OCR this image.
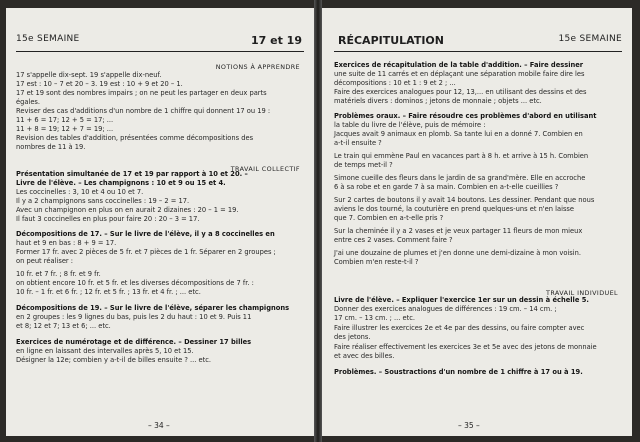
15e SEMAINE	17 et 19
NOTIONS À APPRENDRE
TRAVAIL COLLECTIF
17 s'appelle dix-sept. 19 s'appelle dix-neuf.
17 est : 10 – 7 et 20 – 3. 19 est : 10 + 9 et 20 – 1.
17 et 19 sont des nombres impairs ; on ne peut les partager en deux parts
égales.
Reviser des cas d'additions d'un nombre de 1 chiffre qui donnent 17 ou 19 :
11 + 6 = 17; 12 + 5 = 17; ...
11 + 8 = 19; 12 + 7 = 19; ...
Revision des tables d'addition, présentées comme décompositions des
nombres de 11 à 19.
Présentation simultanée de 17 et 19 par rapport à 10 et 20. –
Livre de l'élève. – Les champignons : 10 et 9 ou 15 et 4.
Les coccinelles : 3, 10 et 4 ou 10 et 7.
Il y a 2 champignons sans coccinelles : 19 – 2 = 17.
Avec un champignon en plus on en aurait 2 dizaines : 20 – 1 = 19.
Il faut 3 coccinelles en plus pour faire 20 : 20 – 3 = 17.
Décompositions de 17. – Sur le livre de l'élève, il y a 8 coccinelles en
haut et 9 en bas : 8 + 9 = 17.
Former 17 fr. avec 2 pièces de 5 fr. et 7 pièces de 1 fr. Séparer en 2 groupes ;
on peut réaliser :
10 fr. et 7 fr. ; 8 fr. et 9 fr.
on obtient encore 10 fr. et 5 fr. et les diverses décompositions de 7 fr. :
10 fr. – 1 fr. et 6 fr. ; 12 fr. et 5 fr. ; 13 fr. et 4 fr. ; ... etc.
Décompositions de 19. – Sur le livre de l'élève, séparer les champignons
en 2 groupes : les 9 lignes du bas, puis les 2 du haut : 10 et 9. Puis 11
et 8; 12 et 7; 13 et 6; ... etc.
Exercices de numérotage et de différence. – Dessiner 17 billes
en ligne en laissant des intervalles après 5, 10 et 15.
Désigner la 12e; combien y a-t-il de billes ensuite ? ... etc.
– 34 –
RÉCAPITULATION	15e SEMAINE
TRAVAIL INDIVIDUEL
Exercices de récapitulation de la table d'addition. – Faire dessiner
une suite de 11 carrés et en déplaçant une séparation mobile faire dire les
décompositions : 10 et 1 : 9 et 2 ; ...
Faire des exercices analogues pour 12, 13,... en utilisant des dessins et des
matériels divers : dominos ; jetons de monnaie ; objets ... etc.
Problèmes oraux. – Faire résoudre ces problèmes d'abord en utilisant
la table du livre de l'élève, puis de mémoire :
Jacques avait 9 animaux en plomb. Sa tante lui en a donné 7. Combien en
a-t-il ensuite ?
Le train qui emmène Paul en vacances part à 8 h. et arrive à 15 h. Combien
de temps met-il ?
Simone cueille des fleurs dans le jardin de sa grand'mère. Elle en accroche
6 à sa robe et en garde 7 à sa main. Combien en a-t-elle cueillies ?
Sur 2 cartes de boutons il y avait 14 boutons. Les dessiner. Pendant que nous
aviens le dos tourné, la couturière en prend quelques-uns et n'en laisse
que 7. Combien en a-t-elle pris ?
Sur la cheminée il y a 2 vases et je veux partager 11 fleurs de mon mieux
entre ces 2 vases. Comment faire ?
J'ai une douzaine de plumes et j'en donne une demi-dizaine à mon voisin.
Combien m'en reste-t-il ?
Livre de l'élève. – Expliquer l'exercice 1er sur un dessin à échelle 5.
Donner des exercices analogues de différences : 19 cm. – 14 cm. ;
17 cm. – 13 cm. ; ... etc.
Faire illustrer les exercices 2e et 4e par des dessins, ou faire compter avec
des jetons.
Faire réaliser effectivement les exercices 3e et 5e avec des jetons de monnaie
et avec des billes.
Problèmes. – Soustractions d'un nombre de 1 chiffre à 17 ou à 19.
– 35 –
